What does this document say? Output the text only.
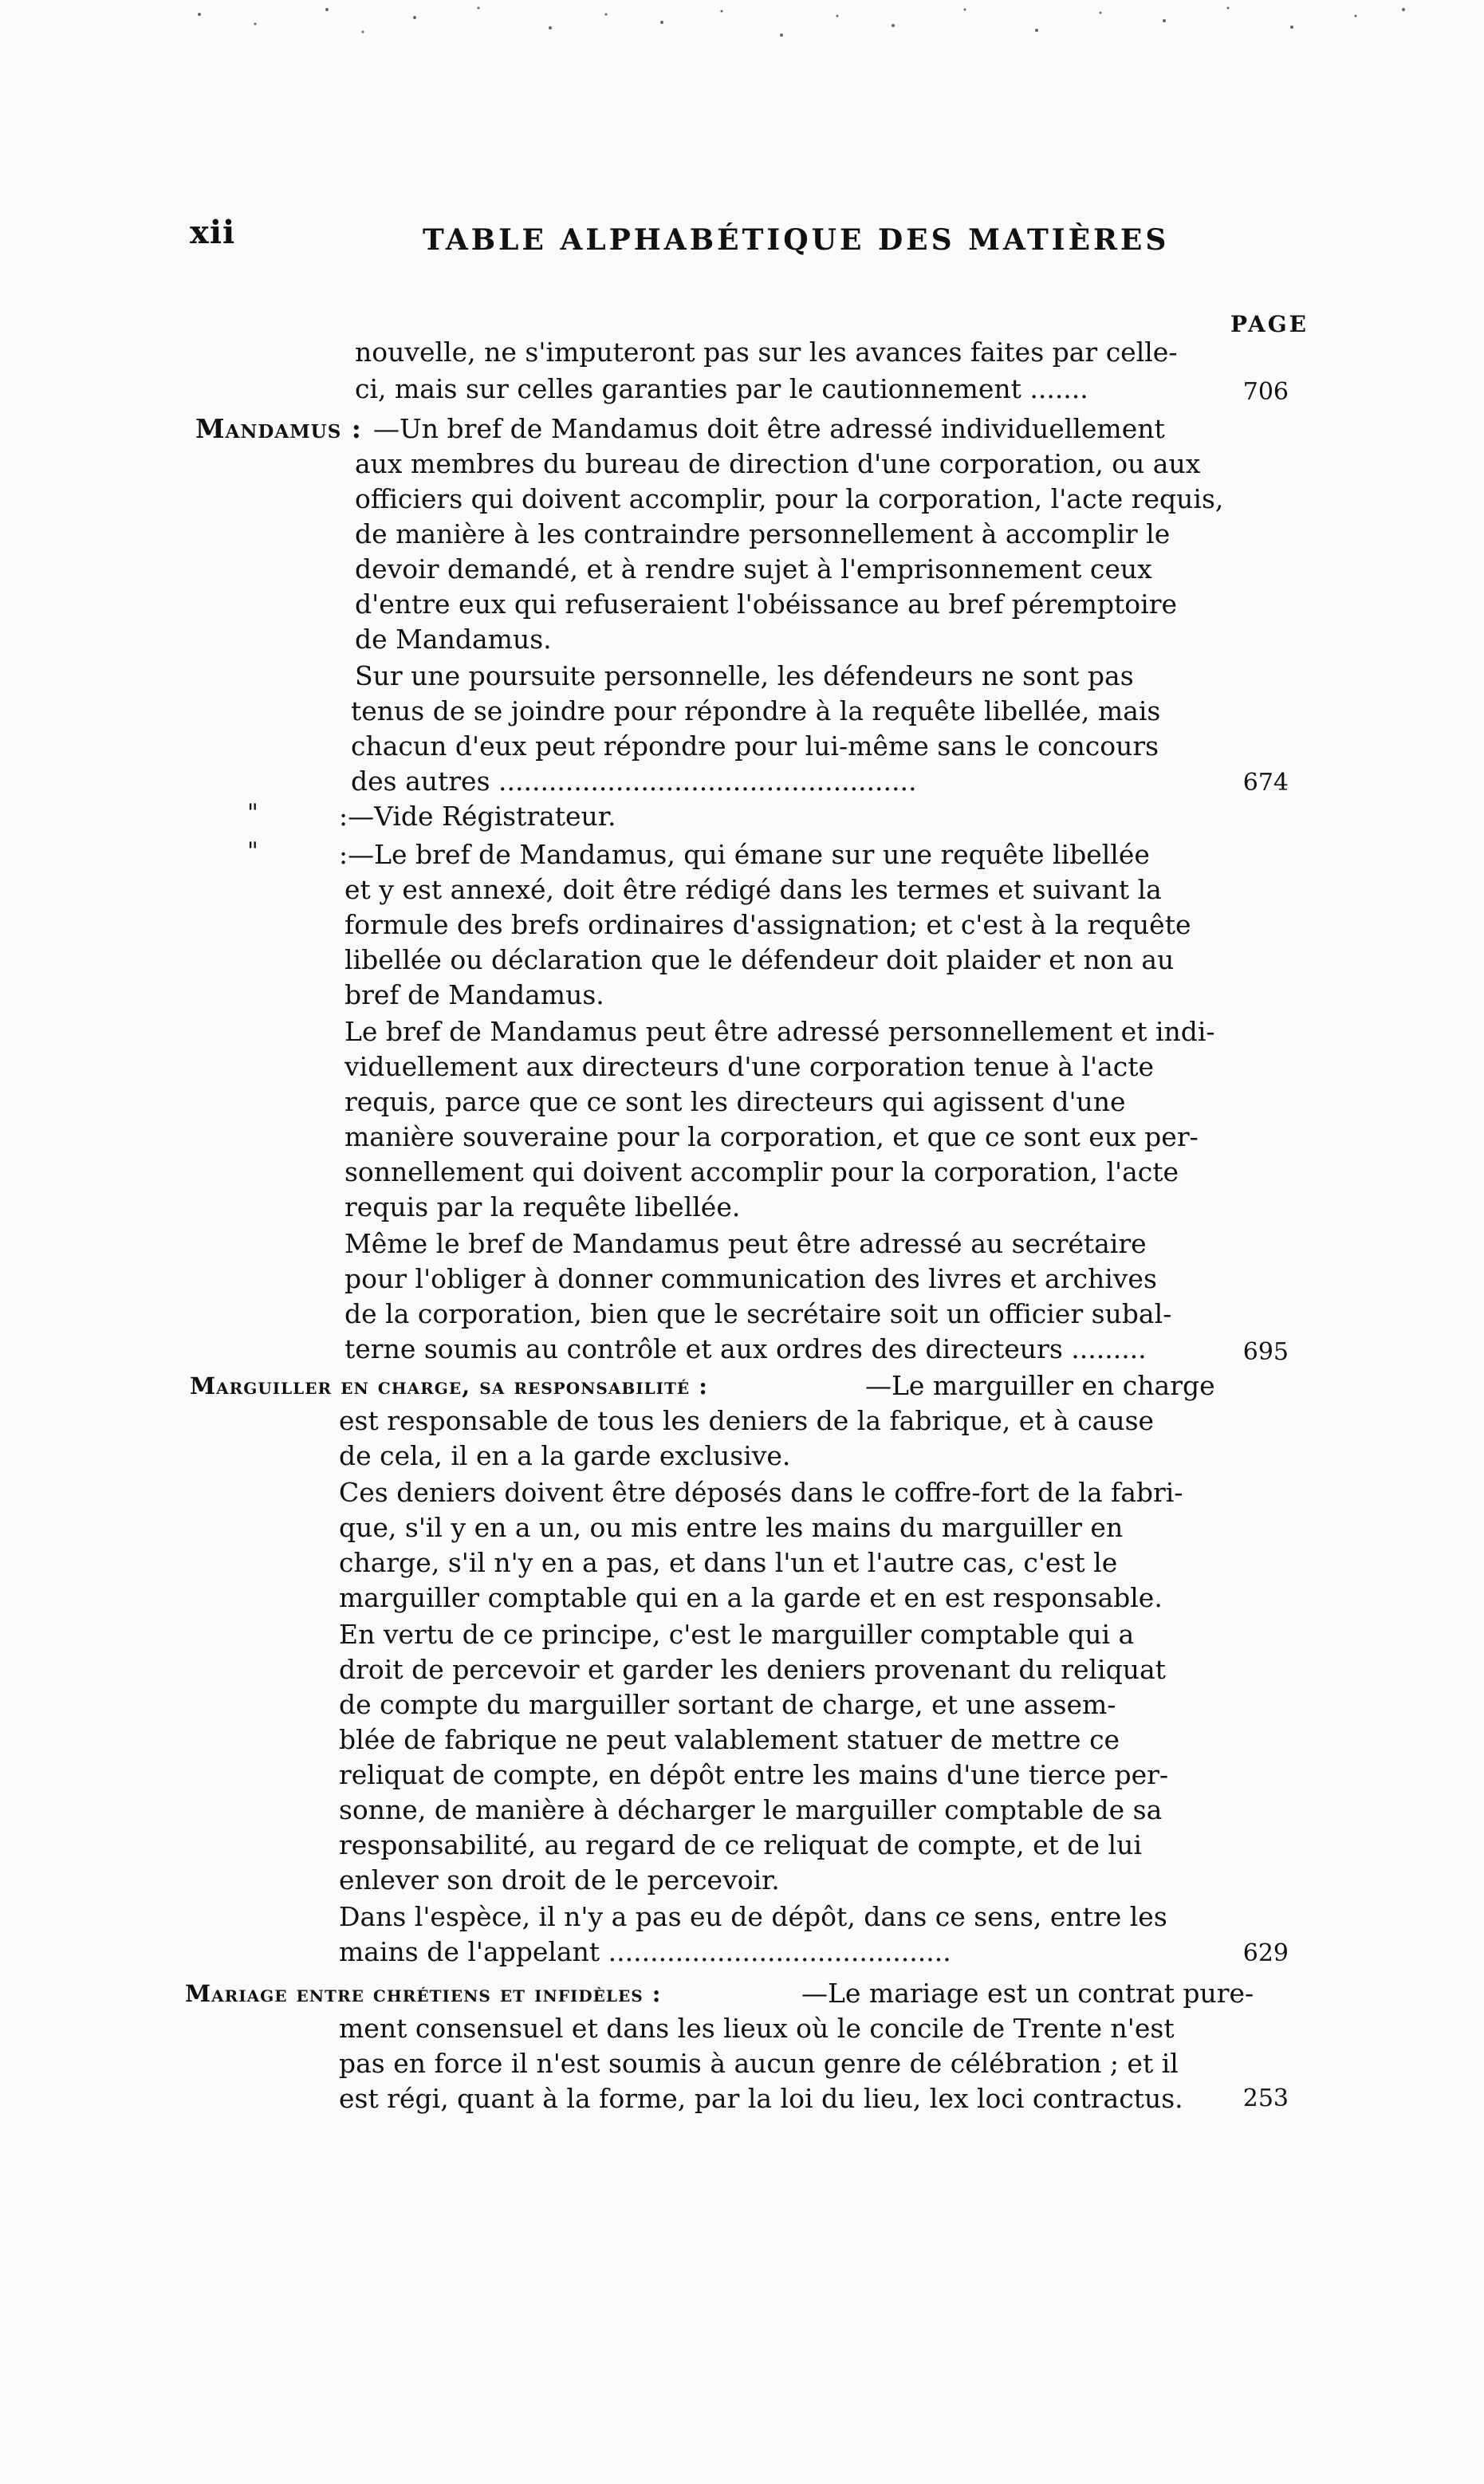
xii	TABLE ALPHABÉTIQUE DES MATIÈRES
PAGE
nouvelle, ne s'imputeront pas sur les avances faites par celle-
ci, mais sur celles garanties par le cautionnement .......	706
Mandamus : —Un bref de Mandamus doit être adressé individuellement
aux membres du bureau de direction d'une corporation, ou aux
officiers qui doivent accomplir, pour la corporation, l'acte requis,
de manière à les contraindre personnellement à accomplir le
devoir demandé, et à rendre sujet à l'emprisonnement ceux
d'entre eux qui refuseraient l'obéissance au bref péremptoire
de Mandamus.
Sur une poursuite personnelle, les défendeurs ne sont pas
tenus de se joindre pour répondre à la requête libellée, mais
chacun d'eux peut répondre pour lui-même sans le concours
des autres ..................................................	674
"	:—Vide Régistrateur.
"	:—Le bref de Mandamus, qui émane sur une requête libellée
et y est annexé, doit être rédigé dans les termes et suivant la
formule des brefs ordinaires d'assignation; et c'est à la requête
libellée ou déclaration que le défendeur doit plaider et non au
bref de Mandamus.
Le bref de Mandamus peut être adressé personnellement et indi-
viduellement aux directeurs d'une corporation tenue à l'acte
requis, parce que ce sont les directeurs qui agissent d'une
manière souveraine pour la corporation, et que ce sont eux per-
sonnellement qui doivent accomplir pour la corporation, l'acte
requis par la requête libellée.
Même le bref de Mandamus peut être adressé au secrétaire
pour l'obliger à donner communication des livres et archives
de la corporation, bien que le secrétaire soit un officier subal-
terne soumis au contrôle et aux ordres des directeurs .........	695
Marguiller en charge, sa responsabilité :	—Le marguiller en charge
est responsable de tous les deniers de la fabrique, et à cause
de cela, il en a la garde exclusive.
Ces deniers doivent être déposés dans le coffre-fort de la fabri-
que, s'il y en a un, ou mis entre les mains du marguiller en
charge, s'il n'y en a pas, et dans l'un et l'autre cas, c'est le
marguiller comptable qui en a la garde et en est responsable.
En vertu de ce principe, c'est le marguiller comptable qui a
droit de percevoir et garder les deniers provenant du reliquat
de compte du marguiller sortant de charge, et une assem-
blée de fabrique ne peut valablement statuer de mettre ce
reliquat de compte, en dépôt entre les mains d'une tierce per-
sonne, de manière à décharger le marguiller comptable de sa
responsabilité, au regard de ce reliquat de compte, et de lui
enlever son droit de le percevoir.
Dans l'espèce, il n'y a pas eu de dépôt, dans ce sens, entre les
mains de l'appelant .........................................	629
Mariage entre chrétiens et infidèles :	—Le mariage est un contrat pure-
ment consensuel et dans les lieux où le concile de Trente n'est
pas en force il n'est soumis à aucun genre de célébration ; et il
est régi, quant à la forme, par la loi du lieu, lex loci contractus.	253
